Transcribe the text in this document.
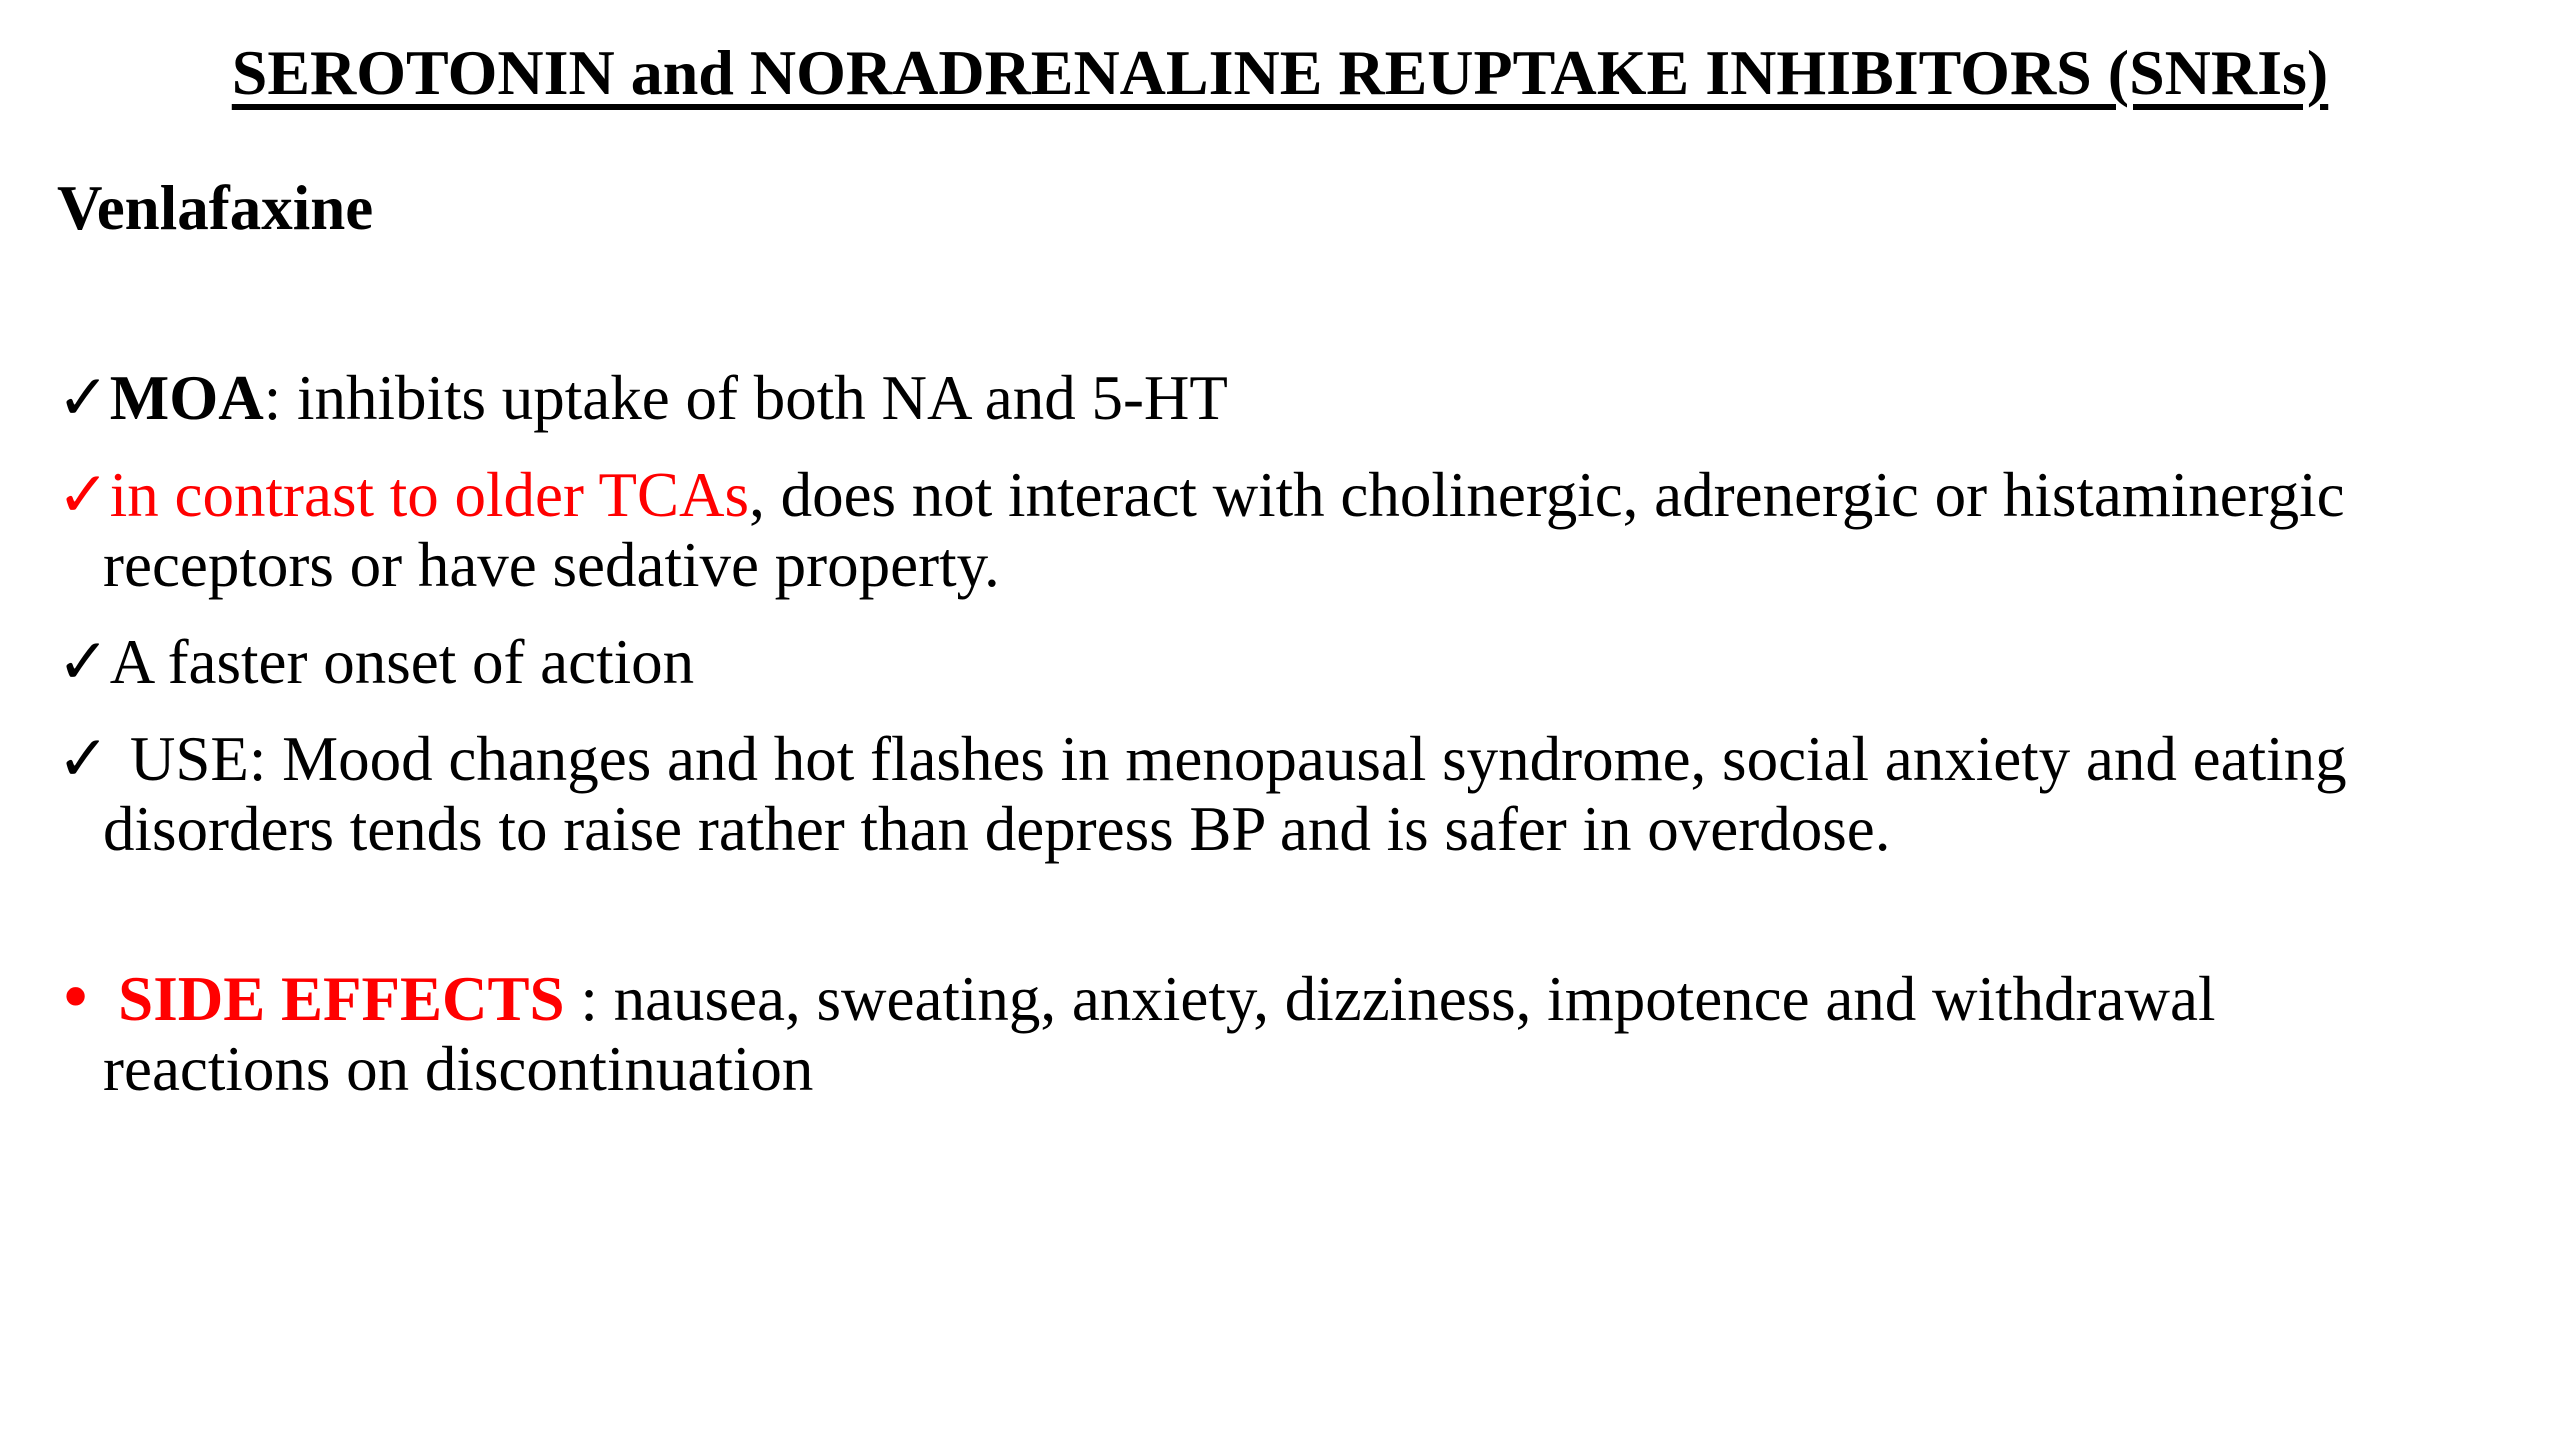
SEROTONIN and NORADRENALINE REUPTAKE INHIBITORS (SNRIs)
Venlafaxine
✓MOA: inhibits uptake of both NA and 5-HT
✓in contrast to older TCAs, does not interact with cholinergic, adrenergic or histaminergic
receptors or have sedative property.
✓A faster onset of action
✓ USE: Mood changes and hot flashes in menopausal syndrome, social anxiety and eating
disorders tends to raise rather than depress BP and is safer in overdose.
• SIDE EFFECTS : nausea, sweating, anxiety, dizziness, impotence and withdrawal
reactions on discontinuation
